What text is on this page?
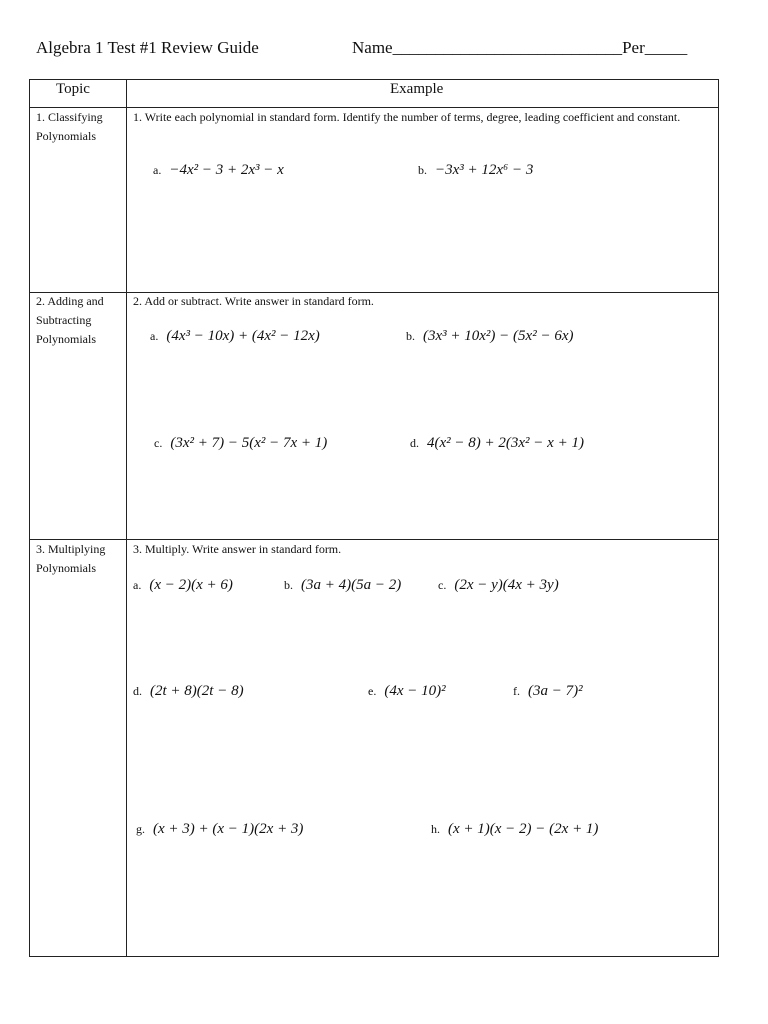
Algebra 1 Test #1 Review Guide	Name___________________________Per_____
Topic	Example
1. Classifying
Polynomials
1. Write each polynomial in standard form. Identify the number of terms, degree, leading coefficient and constant.
a. −4x² − 3 + 2x³ − x	b. −3x³ + 12x⁶ − 3
2. Adding and
Subtracting
Polynomials
2. Add or subtract. Write answer in standard form.
a. (4x³ − 10x) + (4x² − 12x)	b. (3x³ + 10x²) − (5x² − 6x)
c. (3x² + 7) − 5(x² − 7x + 1)	d. 4(x² − 8) + 2(3x² − x + 1)
3. Multiplying
Polynomials
3. Multiply. Write answer in standard form.
a. (x − 2)(x + 6)	b. (3a + 4)(5a − 2)	c. (2x − y)(4x + 3y)
d. (2t + 8)(2t − 8)	e. (4x − 10)²	f. (3a − 7)²
g. (x + 3) + (x − 1)(2x + 3)	h. (x + 1)(x − 2) − (2x + 1)
